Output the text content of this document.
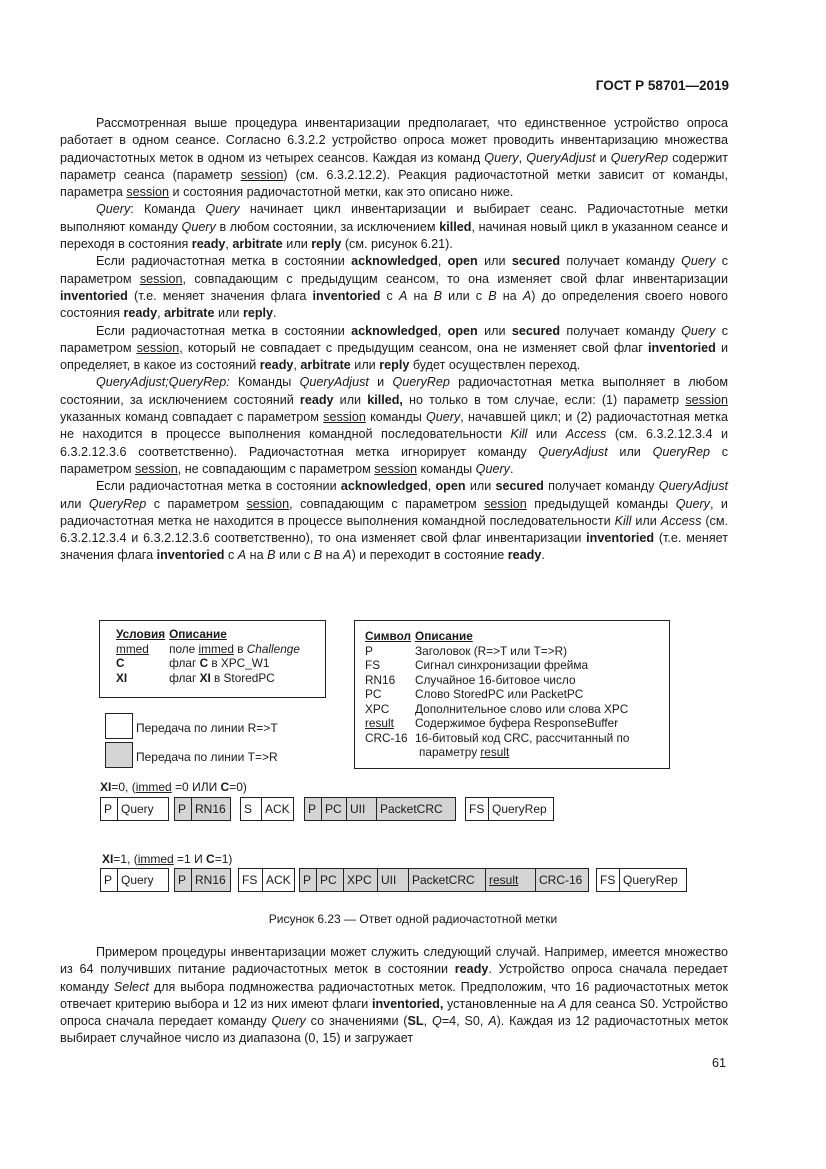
ГОСТ Р 58701—2019

Рассмотренная выше процедура инвентаризации предполагает, что единственное устройство опроса работает в одном сеансе. Согласно 6.3.2.2 устройство опроса может проводить инвентаризацию множества радиочастотных меток в одном из четырех сеансов. Каждая из команд Query, QueryAdjust и QueryRep содержит параметр сеанса (параметр session) (см. 6.3.2.12.2). Реакция радиочастотной метки зависит от команды, параметра session и состояния радиочастотной метки, как это описано ниже.

Query: Команда Query начинает цикл инвентаризации и выбирает сеанс. Радиочастотные метки выполняют команду Query в любом состоянии, за исключением killed, начиная новый цикл в указанном сеансе и переходя в состояния ready, arbitrate или reply (см. рисунок 6.21).

Если радиочастотная метка в состоянии acknowledged, open или secured получает команду Query с параметром session, совпадающим с предыдущим сеансом, то она изменяет свой флаг инвентаризации inventoried (т.е. меняет значения флага inventoried с A на B или с B на A) до определения своего нового состояния ready, arbitrate или reply.

Если радиочастотная метка в состоянии acknowledged, open или secured получает команду Query с параметром session, который не совпадает с предыдущим сеансом, она не изменяет свой флаг inventoried и определяет, в какое из состояний ready, arbitrate или reply будет осуществлен переход.

QueryAdjust;QueryRep: Команды QueryAdjust и QueryRep радиочастотная метка выполняет в любом состоянии, за исключением состояний ready или killed, но только в том случае, если: (1) параметр session указанных команд совпадает с параметром session команды Query, начавшей цикл; и (2) радиочастотная метка не находится в процессе выполнения командной последовательности Kill или Access (см. 6.3.2.12.3.4 и 6.3.2.12.3.6 соответственно). Радиочастотная метка игнорирует команду QueryAdjust или QueryRep с параметром session, не совпадающим с параметром session команды Query.

Если радиочастотная метка в состоянии acknowledged, open или secured получает команду QueryAdjust или QueryRep с параметром session, совпадающим с параметром session предыдущей команды Query, и радиочастотная метка не находится в процессе выполнения командной последовательности Kill или Access (см. 6.3.2.12.3.4 и 6.3.2.12.3.6 соответственно), то она изменяет свой флаг инвентаризации inventoried (т.е. меняет значения флага inventoried с A на B или с B на A) и переходит в состояние ready.

Условия	Описание
mmed	поле immed в Challenge
C	флаг C в XPC_W1
XI	флаг XI в StoredPC
Символ	Описание
P	Заголовок (R=>T или T=>R)
FS	Сигнал синхронизации фрейма
RN16	Случайное 16-битовое число
PC	Слово StoredPC или PacketPC
XPC	Дополнительное слово или слова XPC
result	Содержимое буфера ResponseBuffer
CRC-16	16-битовый код CRC, рассчитанный по
	параметру result
Передача по линии R=>T
Передача по линии T=>R
XI=0, (immed =0 ИЛИ C=0)
P Query	P RN16	S	ACK	P PC UII	PacketCRC	FS QueryRep
XI=1, (immed =1 И C=1)
P Query	P RN16	FS ACK	P PC XPC UII	PacketCRC	result	CRC-16	FS QueryRep
Рисунок 6.23 — Ответ одной радиочастотной метки

Примером процедуры инвентаризации может служить следующий случай. Например, имеется множество из 64 получивших питание радиочастотных меток в состоянии ready. Устройство опроса сначала передает команду Select для выбора подмножества радиочастотных меток. Предположим, что 16 радиочастотных меток отвечает критерию выбора и 12 из них имеют флаги inventoried, установленные на A для сеанса S0. Устройство опроса сначала передает команду Query со значениями (SL, Q=4, S0, A). Каждая из 12 радиочастотных меток выбирает случайное число из диапазона (0, 15) и загружает

61
